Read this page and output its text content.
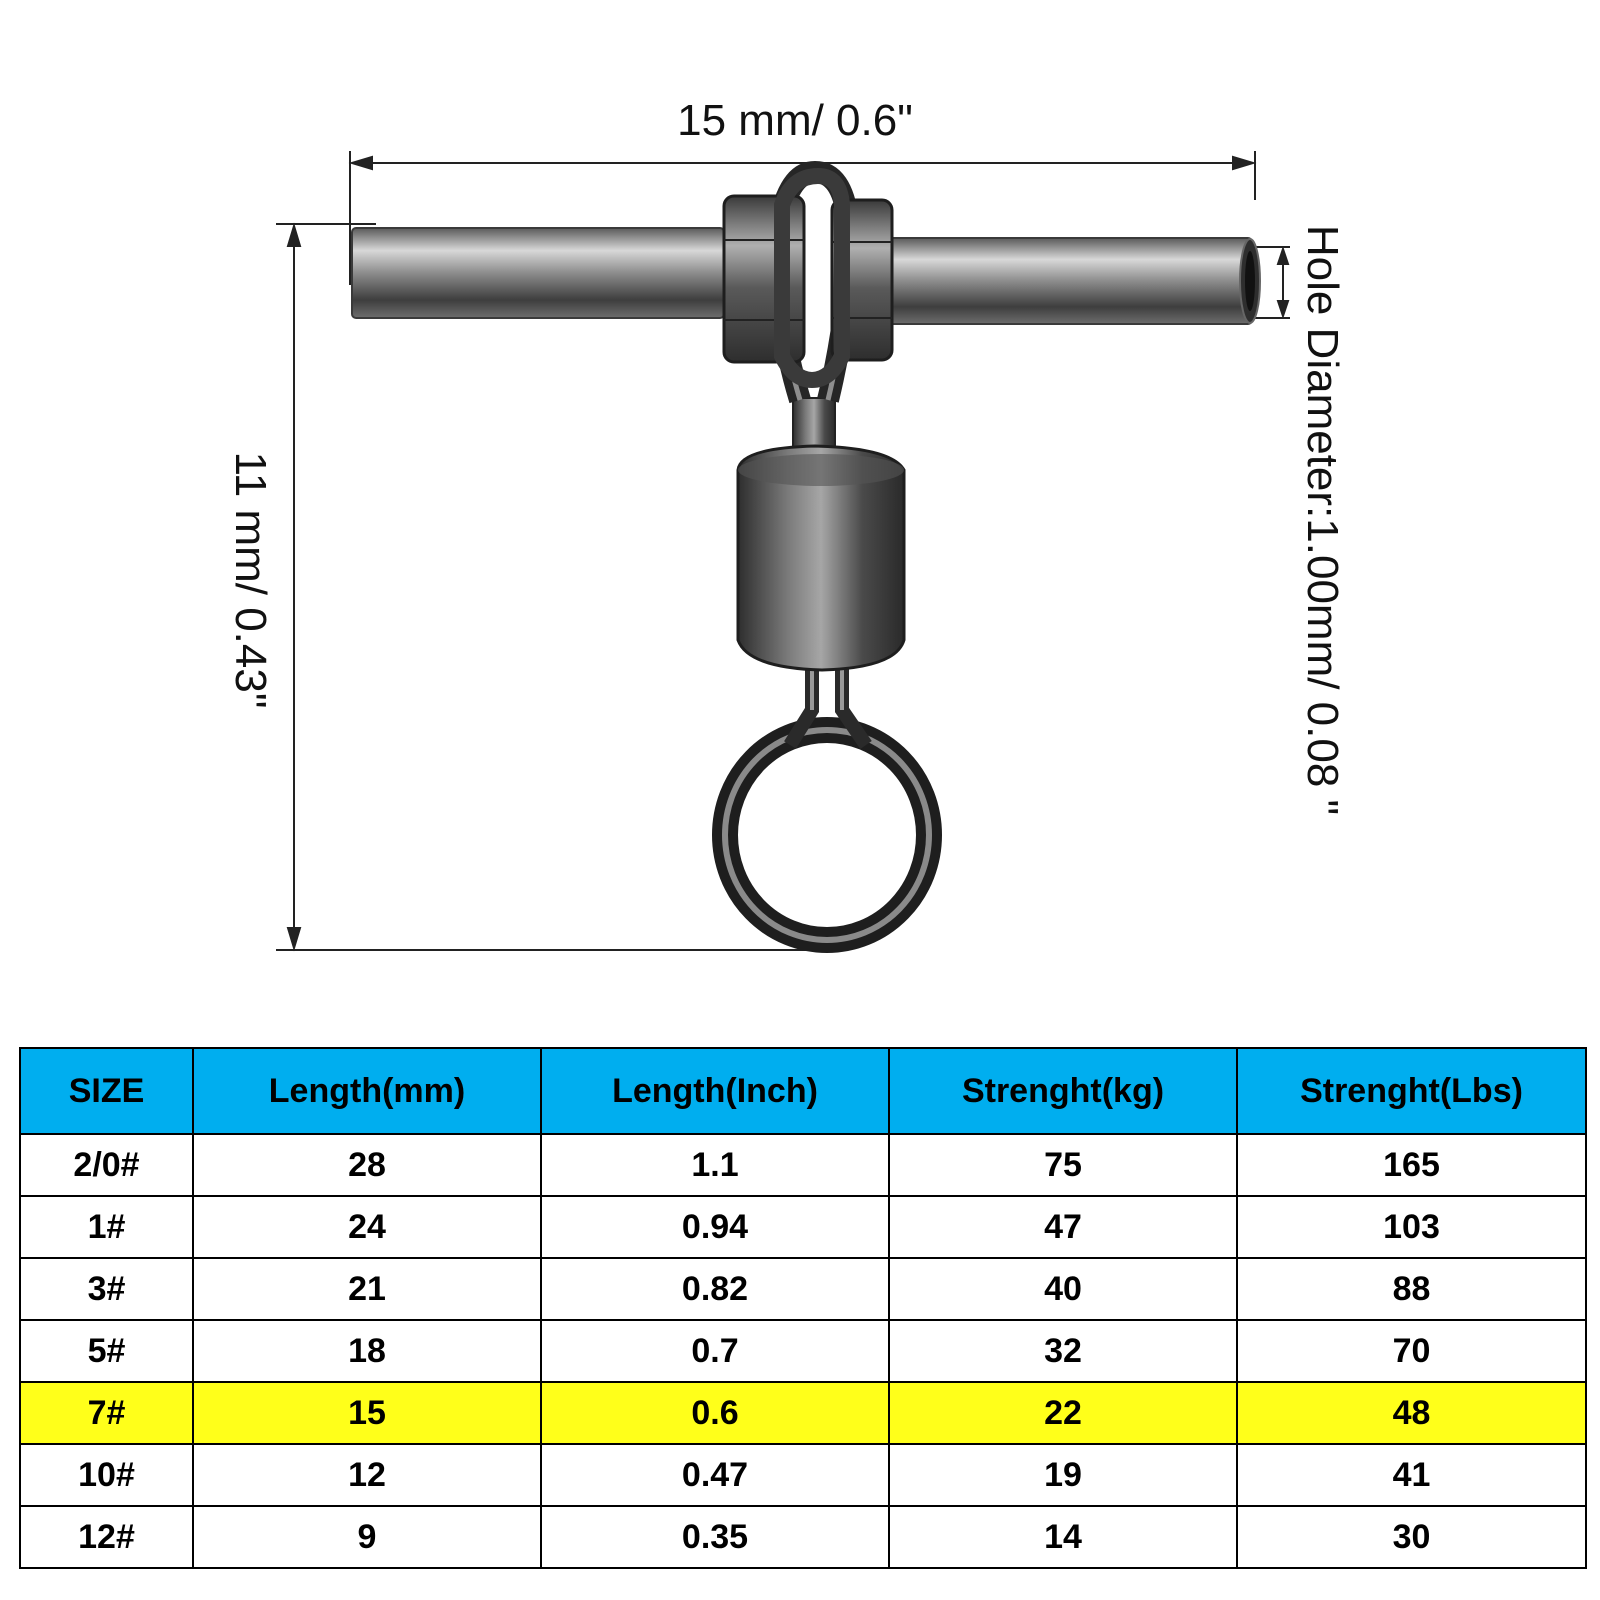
15 mm/ 0.6"
11 mm/ 0.43"	Hole Diameter:1.00mm/ 0.08 "
SIZE	Length(mm)	Length(Inch)	Strenght(kg)	Strenght(Lbs)
2/0#	28	1.1	75	165
1#	24	0.94	47	103
3#	21	0.82	40	88
5#	18	0.7	32	70
7#	15	0.6	22	48
10#	12	0.47	19	41
12#	9	0.35	14	30
